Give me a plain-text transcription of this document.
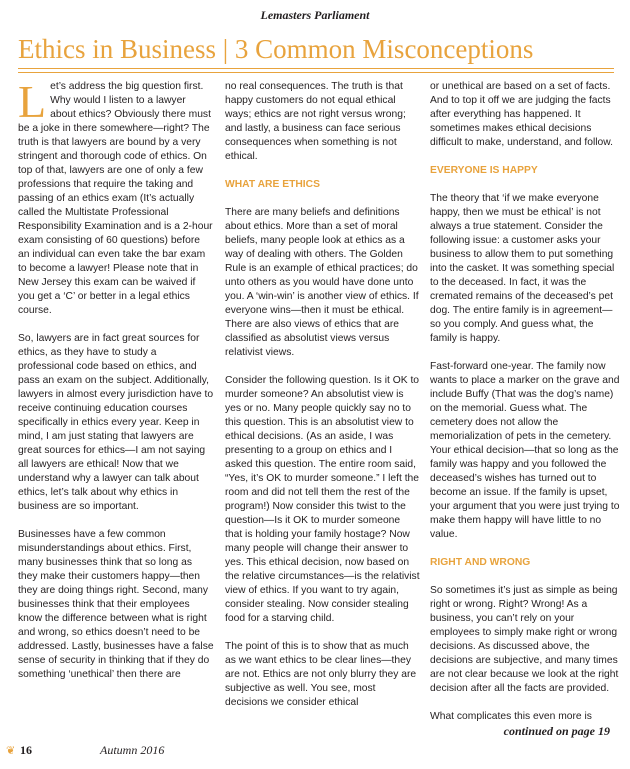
Lemasters Parliament
Ethics in Business | 3 Common Misconceptions

Let’s address the big question first. Why would I listen to a lawyer about ethics? Obviously there must be a joke in there somewhere—right? The truth is that lawyers are bound by a very stringent and thorough code of ethics. On top of that, lawyers are one of only a few professions that require the taking and passing of an ethics exam (It’s actually called the Multistate Professional Responsibility Examination and is a 2-hour exam consisting of 60 questions) before an individual can even take the bar exam to become a lawyer! Please note that in New Jersey this exam can be waived if you get a ‘C’ or better in a legal ethics course.

So, lawyers are in fact great sources for ethics, as they have to study a professional code based on ethics, and pass an exam on the subject. Additionally, lawyers in almost every jurisdiction have to receive continuing education courses specifically in ethics every year. Keep in mind, I am just stating that lawyers are great sources for ethics—I am not saying all lawyers are ethical! Now that we understand why a lawyer can talk about ethics, let’s talk about why ethics in business are so important.

Businesses have a few common misunderstandings about ethics. First, many businesses think that so long as they make their customers happy—then they are doing things right. Second, many businesses think that their employees know the difference between what is right and wrong, so ethics doesn’t need to be addressed. Lastly, businesses have a false sense of security in thinking that if they do something ‘unethical’ then there are

no real consequences. The truth is that happy customers do not equal ethical ways; ethics are not right versus wrong; and lastly, a business can face serious consequences when something is not ethical.

WHAT ARE ETHICS

There are many beliefs and definitions about ethics. More than a set of moral beliefs, many people look at ethics as a way of dealing with others. The Golden Rule is an example of ethical practices; do unto others as you would have done unto you. A ‘win-win’ is another view of ethics. If everyone wins—then it must be ethical. There are also views of ethics that are classified as absolutist views versus relativist views.

Consider the following question. Is it OK to murder someone? An absolutist view is yes or no. Many people quickly say no to this question. This is an absolutist view to ethical decisions. (As an aside, I was presenting to a group on ethics and I asked this question. The entire room said, “Yes, it’s OK to murder someone.” I left the room and did not tell them the rest of the program!) Now consider this twist to the question—Is it OK to murder someone that is holding your family hostage? Now many people will change their answer to yes. This ethical decision, now based on the relative circumstances—is the relativist view of ethics. If you want to try again, consider stealing. Now consider stealing food for a starving child.

The point of this is to show that as much as we want ethics to be clear lines—they are not. Ethics are not only blurry they are subjective as well. You see, most decisions we consider ethical

or unethical are based on a set of facts. And to top it off we are judging the facts after everything has happened. It sometimes makes ethical decisions difficult to make, understand, and follow.

EVERYONE IS HAPPY

The theory that ‘if we make everyone happy, then we must be ethical’ is not always a true statement. Consider the following issue: a customer asks your business to allow them to put something into the casket. It was something special to the deceased. In fact, it was the cremated remains of the deceased’s pet dog. The entire family is in agreement—so you comply. And guess what, the family is happy.

Fast-forward one-year. The family now wants to place a marker on the grave and include Buffy (That was the dog’s name) on the memorial. Guess what. The cemetery does not allow the memorialization of pets in the cemetery. Your ethical decision—that so long as the family was happy and you followed the deceased’s wishes has turned out to become an issue. If the family is upset, your argument that you were just trying to make them happy will have little to no value.

RIGHT AND WRONG

So sometimes it’s just as simple as being right or wrong. Right? Wrong! As a business, you can’t rely on your employees to simply make right or wrong decisions. As discussed above, the decisions are subjective, and many times are not clear because we look at the right decision after all the facts are provided.

What complicates this even more is

continued on page 19
❦ 16	Autumn 2016
